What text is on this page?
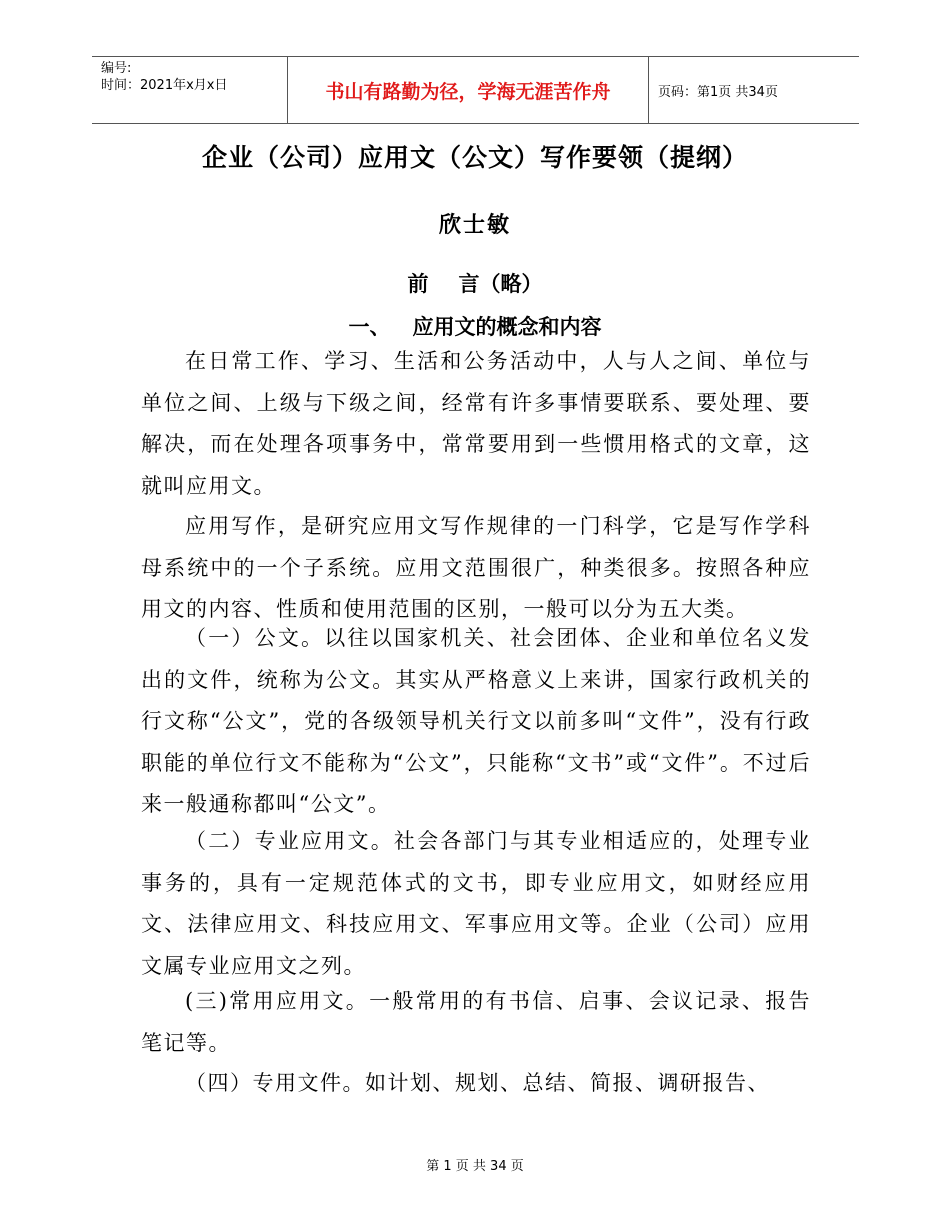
编号:
时间：2021年x月x日	书山有路勤为径，学海无涯苦作舟	页码：第1页 共34页
企业（公司）应用文（公文）写作要领（提纲）
欣士敏
前 言（略）
一、 应用文的概念和内容

在日常工作、学习、生活和公务活动中，人与人之间、单位与单位之间、上级与下级之间，经常有许多事情要联系、要处理、要解决，而在处理各项事务中，常常要用到一些惯用格式的文章，这就叫应用文。

应用写作，是研究应用文写作规律的一门科学，它是写作学科母系统中的一个子系统。应用文范围很广，种类很多。按照各种应用文的内容、性质和使用范围的区别，一般可以分为五大类。

（一）公文。以往以国家机关、社会团体、企业和单位名义发出的文件，统称为公文。其实从严格意义上来讲，国家行政机关的行文称“公文”，党的各级领导机关行文以前多叫“文件”，没有行政职能的单位行文不能称为“公文”，只能称“文书”或“文件”。不过后来一般通称都叫“公文”。

（二）专业应用文。社会各部门与其专业相适应的，处理专业事务的，具有一定规范体式的文书，即专业应用文，如财经应用文、法律应用文、科技应用文、军事应用文等。企业（公司）应用文属专业应用文之列。

(三)常用应用文。一般常用的有书信、启事、会议记录、报告笔记等。

（四）专用文件。如计划、规划、总结、简报、调研报告、

第 1 页 共 34 页
